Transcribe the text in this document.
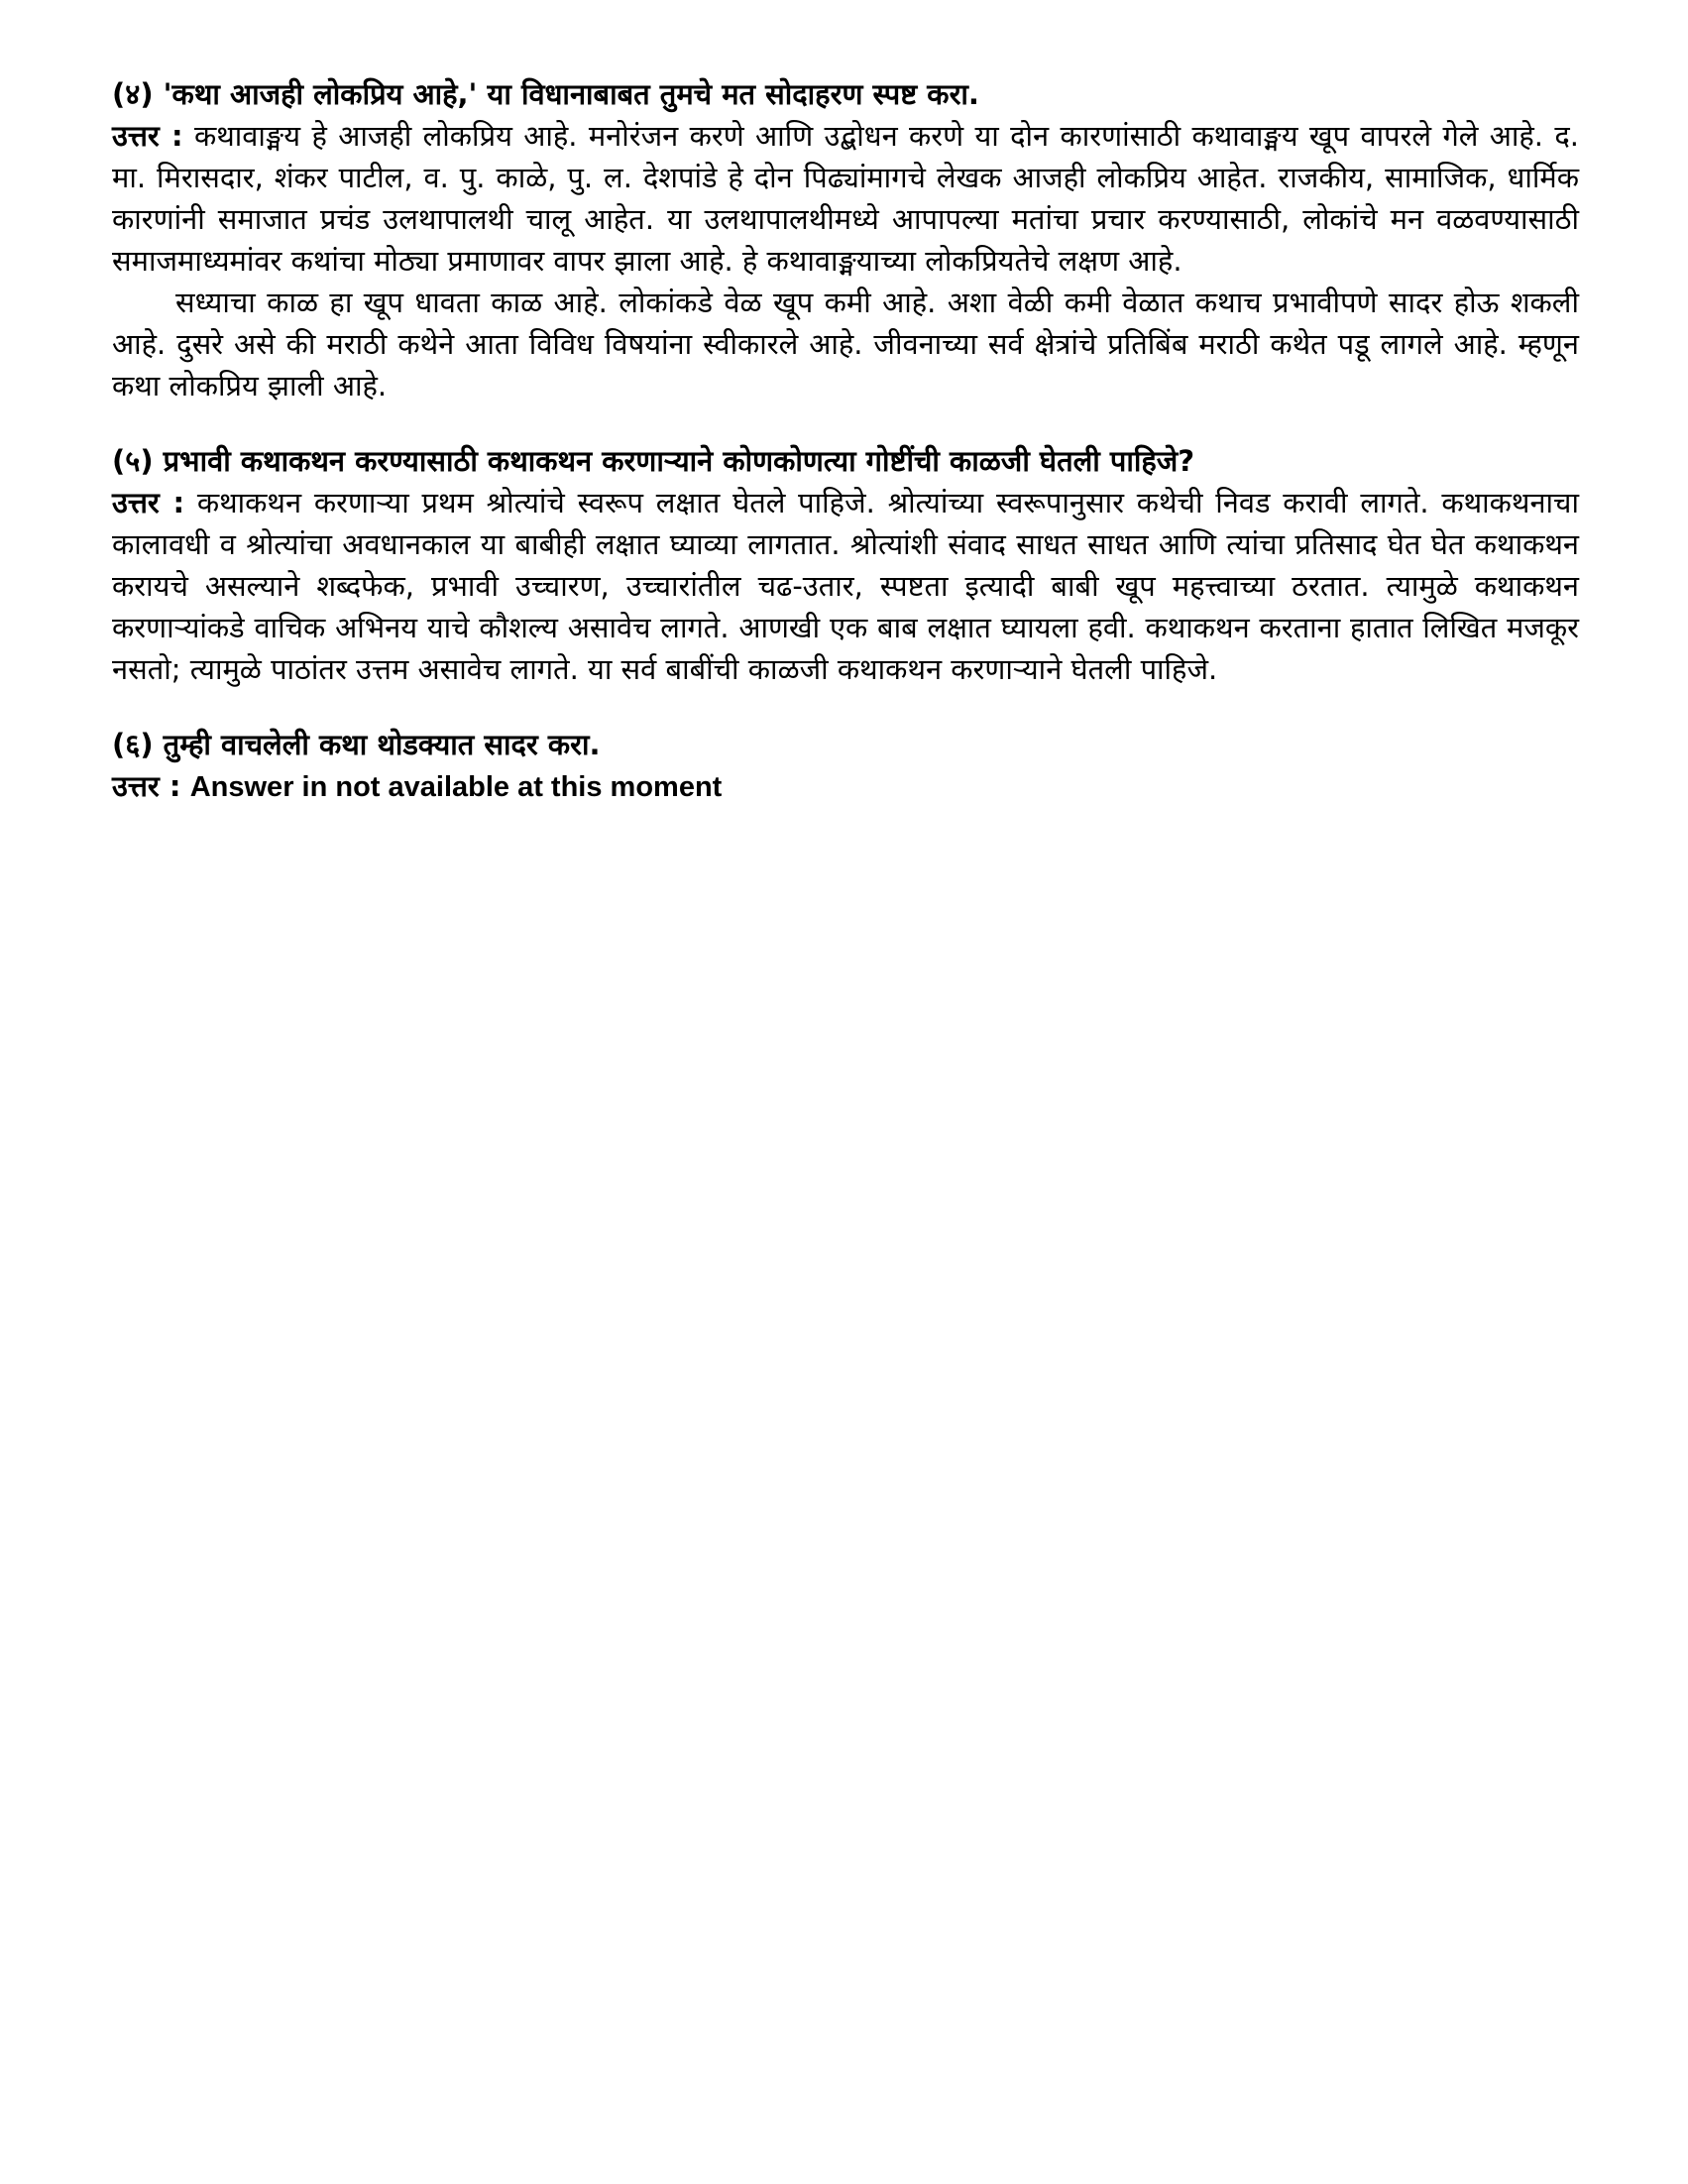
(४) 'कथा आजही लोकप्रिय आहे,' या विधानाबाबत तुमचे मत सोदाहरण स्पष्ट करा.

उत्तर : कथावाङ्मय हे आजही लोकप्रिय आहे. मनोरंजन करणे आणि उद्बोधन करणे या दोन कारणांसाठी कथावाङ्मय खूप वापरले गेले आहे. द. मा. मिरासदार, शंकर पाटील, व. पु. काळे, पु. ल. देशपांडे हे दोन पिढ्यांमागचे लेखक आजही लोकप्रिय आहेत. राजकीय, सामाजिक, धार्मिक कारणांनी समाजात प्रचंड उलथापालथी चालू आहेत. या उलथापालथीमध्ये आपापल्या मतांचा प्रचार करण्यासाठी, लोकांचे मन वळवण्यासाठी समाजमाध्यमांवर कथांचा मोठ्या प्रमाणावर वापर झाला आहे. हे कथावाङ्मयाच्या लोकप्रियतेचे लक्षण आहे.

सध्याचा काळ हा खूप धावता काळ आहे. लोकांकडे वेळ खूप कमी आहे. अशा वेळी कमी वेळात कथाच प्रभावीपणे सादर होऊ शकली आहे. दुसरे असे की मराठी कथेने आता विविध विषयांना स्वीकारले आहे. जीवनाच्या सर्व क्षेत्रांचे प्रतिबिंब मराठी कथेत पडू लागले आहे. म्हणून कथा लोकप्रिय झाली आहे.

(५) प्रभावी कथाकथन करण्यासाठी कथाकथन करणाऱ्याने कोणकोणत्या गोष्टींची काळजी घेतली पाहिजे?

उत्तर : कथाकथन करणाऱ्या प्रथम श्रोत्यांचे स्वरूप लक्षात घेतले पाहिजे. श्रोत्यांच्या स्वरूपानुसार कथेची निवड करावी लागते. कथाकथनाचा कालावधी व श्रोत्यांचा अवधानकाल या बाबीही लक्षात घ्याव्या लागतात. श्रोत्यांशी संवाद साधत साधत आणि त्यांचा प्रतिसाद घेत घेत कथाकथन करायचे असल्याने शब्दफेक, प्रभावी उच्चारण, उच्चारांतील चढ-उतार, स्पष्टता इत्यादी बाबी खूप महत्त्वाच्या ठरतात. त्यामुळे कथाकथन करणाऱ्यांकडे वाचिक अभिनय याचे कौशल्य असावेच लागते. आणखी एक बाब लक्षात घ्यायला हवी. कथाकथन करताना हातात लिखित मजकूर नसतो; त्यामुळे पाठांतर उत्तम असावेच लागते. या सर्व बाबींची काळजी कथाकथन करणाऱ्याने घेतली पाहिजे.

(६) तुम्ही वाचलेली कथा थोडक्यात सादर करा.

उत्तर : Answer in not available at this moment
